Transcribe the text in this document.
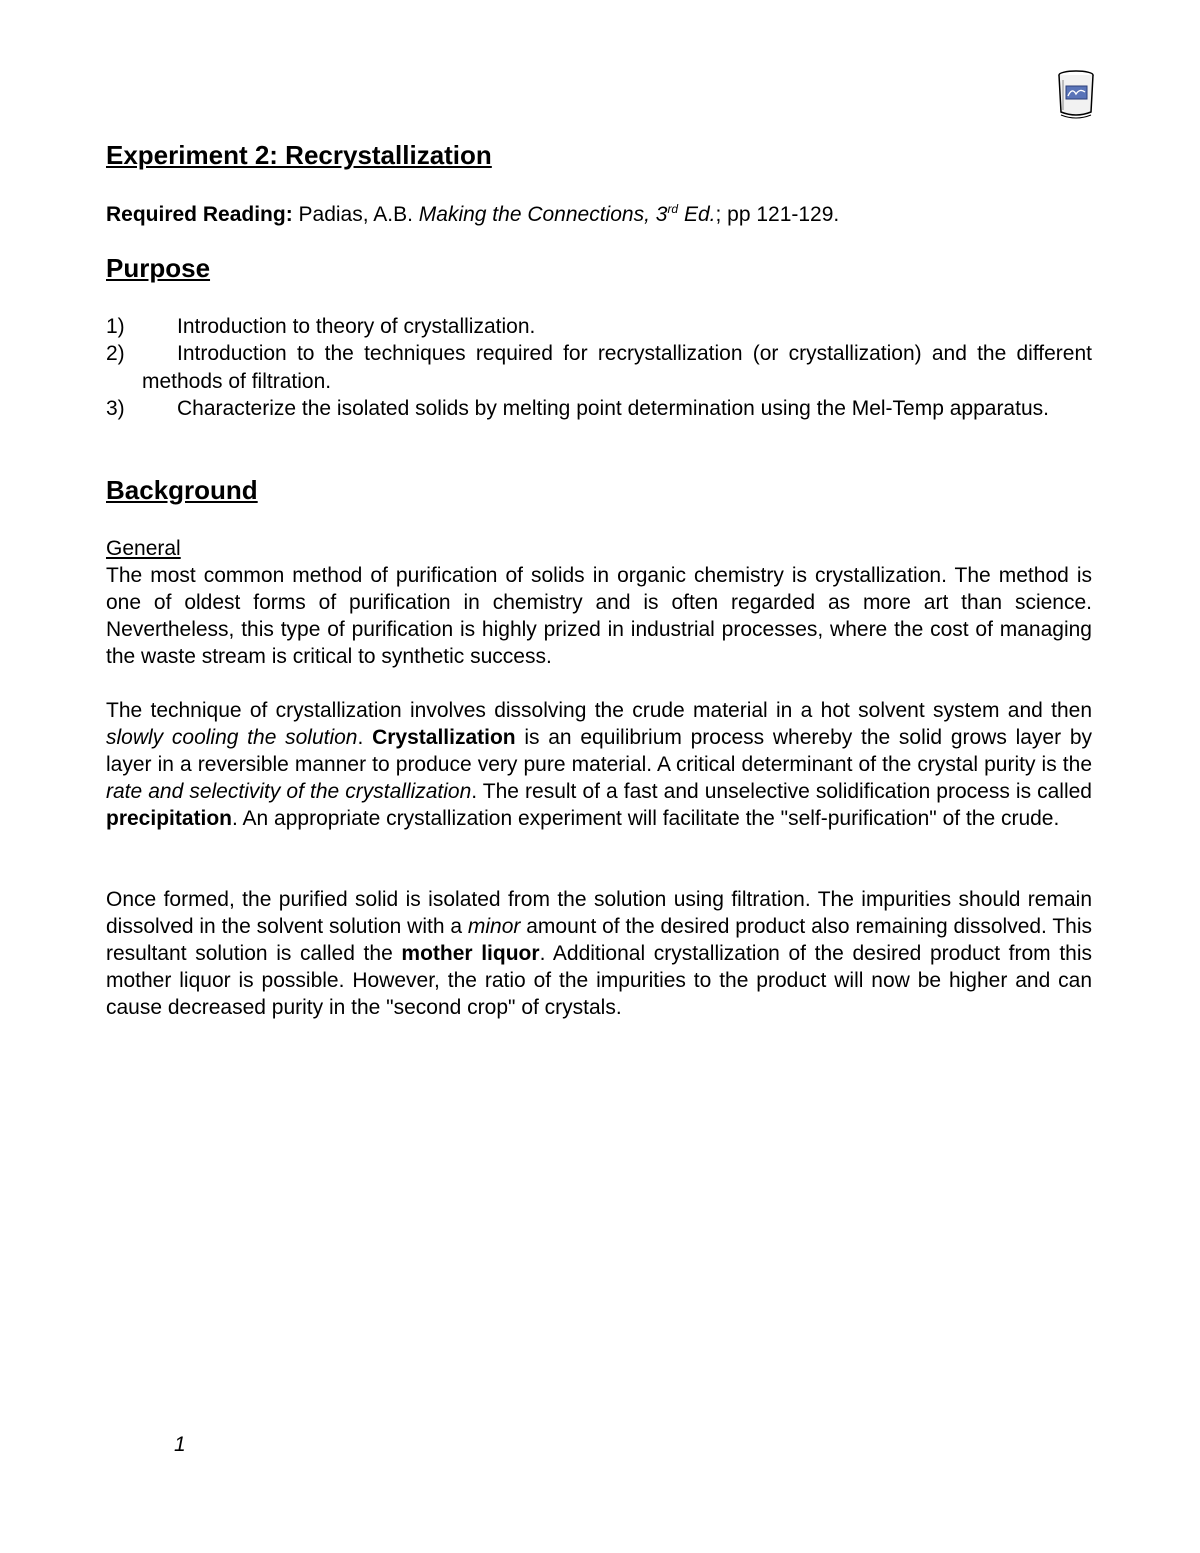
Experiment 2: Recrystallization

Required Reading: Padias, A.B. Making the Connections, 3rd Ed.; pp 121-129.

Purpose
1) Introduction to theory of crystallization.
2) Introduction to the techniques required for recrystallization (or crystallization) and the different methods of filtration.
3) Characterize the isolated solids by melting point determination using the Mel-Temp apparatus.
Background

General

The most common method of purification of solids in organic chemistry is crystallization. The method is one of oldest forms of purification in chemistry and is often regarded as more art than science. Nevertheless, this type of purification is highly prized in industrial processes, where the cost of managing the waste stream is critical to synthetic success.

The technique of crystallization involves dissolving the crude material in a hot solvent system and then slowly cooling the solution. Crystallization is an equilibrium process whereby the solid grows layer by layer in a reversible manner to produce very pure material. A critical determinant of the crystal purity is the rate and selectivity of the crystallization. The result of a fast and unselective solidification process is called precipitation. An appropriate crystallization experiment will facilitate the "self-purification" of the crude.

Once formed, the purified solid is isolated from the solution using filtration. The impurities should remain dissolved in the solvent solution with a minor amount of the desired product also remaining dissolved. This resultant solution is called the mother liquor. Additional crystallization of the desired product from this mother liquor is possible. However, the ratio of the impurities to the product will now be higher and can cause decreased purity in the "second crop" of crystals.

1
